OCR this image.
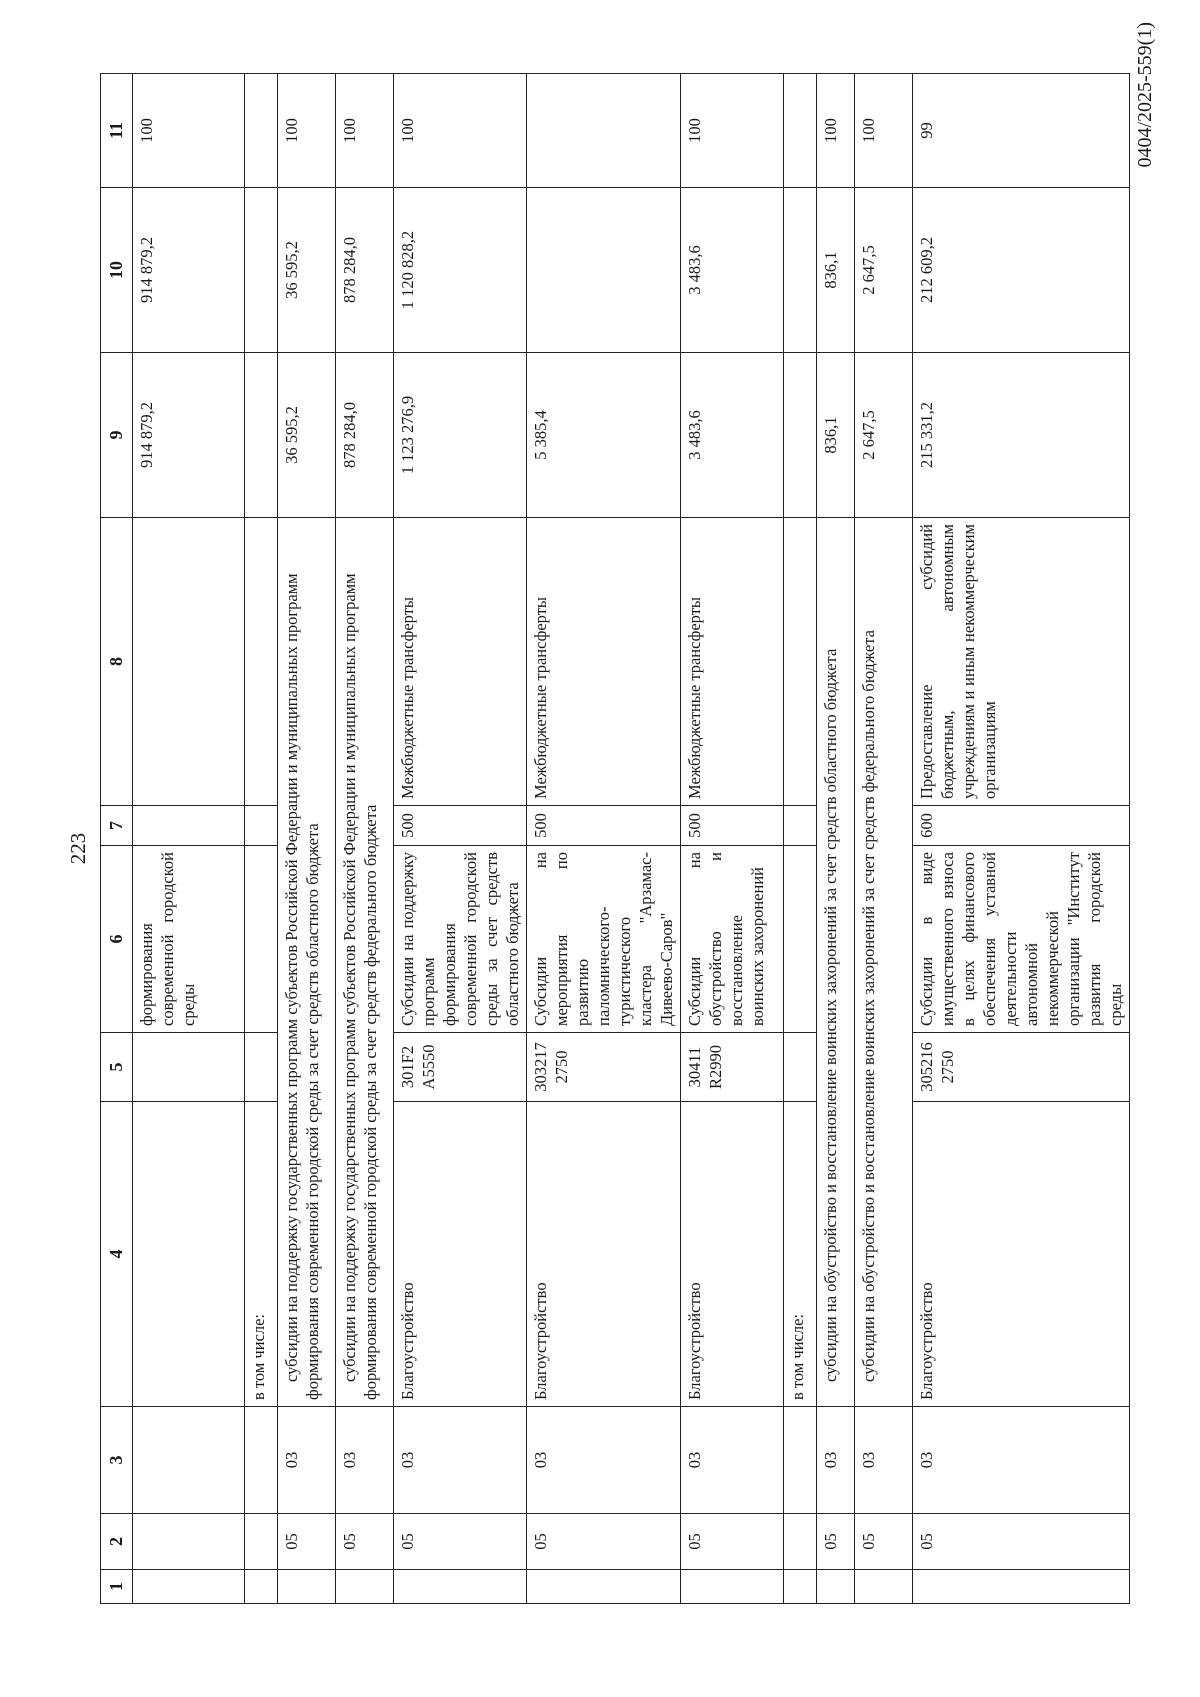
223
1	2	3	4	5	6	7	8	9	10	11
					формирования современной городской среды			914 879,2	914 879,2	100
			в том числе:							
	05	03	субсидии на поддержку государственных программ субъектов Российской Федерации и муниципальных программ формирования современной городской среды за счет средств областного бюджета					36 595,2	36 595,2	100
	05	03	субсидии на поддержку государственных программ субъектов Российской Федерации и муниципальных программ формирования современной городской среды за счет средств федерального бюджета					878 284,0	878 284,0	100
	05	03	Благоустройство	301F2 A5550	Субсидии на поддержку программ формирования современной городской среды за счет средств областного бюджета	500	Межбюджетные трансферты	1 123 276,9	1 120 828,2	100
	05	03	Благоустройство	303217 2750	Субсидии на мероприятия по развитию паломнического-туристического кластера "Арзамас-Дивеево-Саров"	500	Межбюджетные трансферты	5 385,4		
	05	03	Благоустройство	30411 R2990	Субсидии на обустройство и восстановление воинских захоронений	500	Межбюджетные трансферты	3 483,6	3 483,6	100
			в том числе:							
	05	03	субсидии на обустройство и восстановление воинских захоронений за счет средств областного бюджета					836,1	836,1	100
	05	03	субсидии на обустройство и восстановление воинских захоронений за счет средств федерального бюджета					2 647,5	2 647,5	100
	05	03	Благоустройство	305216 2750	Субсидии в виде имущественного взноса в целях финансового обеспечения уставной деятельности автономной некоммерческой организации "Институт развития городской среды	600	Предоставление субсидий бюджетным, автономным учреждениям и иным некоммерческим организациям	215 331,2	212 609,2	99	0404/2025-559(1)
